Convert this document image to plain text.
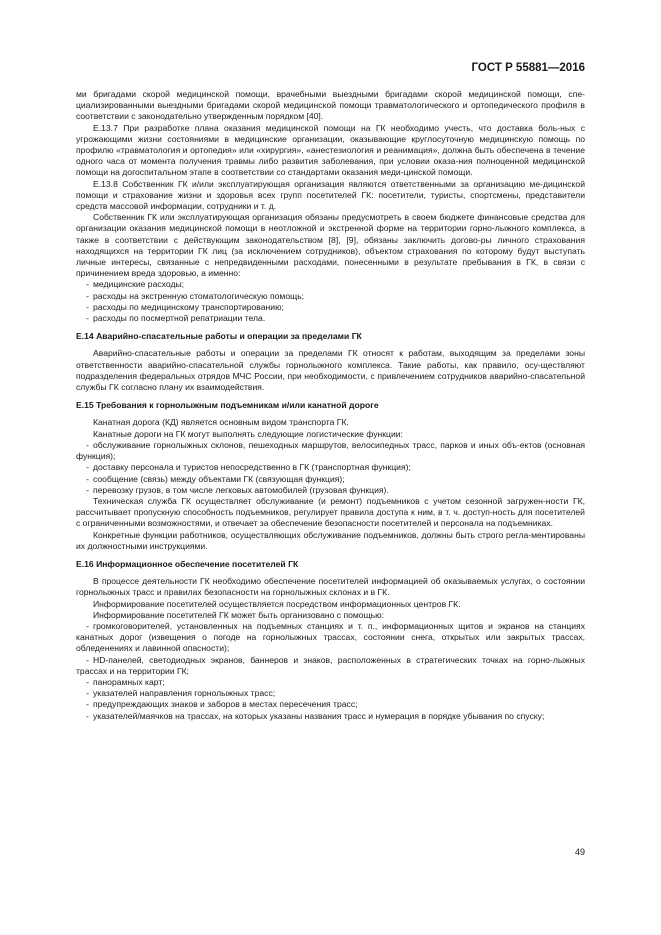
ГОСТ Р 55881—2016

ми бригадами скорой медицинской помощи, врачебными выездными бригадами скорой медицинской помощи, спе-циализированными выездными бригадами скорой медицинской помощи травматологического и ортопедического профиля в соответствии с законодательно утвержденным порядком [40].

Е.13.7 При разработке плана оказания медицинской помощи на ГК необходимо учесть, что доставка боль-ных с угрожающими жизни состояниями в медицинские организации, оказывающие круглосуточную медицинскую помощь по профилю «травматология и ортопедия» или «хирургия», «анестезиология и реанимация», должна быть обеспечена в течение одного часа от момента получения травмы либо развития заболевания, при условии оказа-ния полноценной медицинской помощи на догоспитальном этапе в соответствии со стандартами оказания меди-цинской помощи.

Е.13.8 Собственник ГК и/или эксплуатирующая организация являются ответственными за организацию ме-дицинской помощи и страхование жизни и здоровья всех групп посетителей ГК: посетители, туристы, спортсмены, представители средств массовой информации, сотрудники и т. д.

Собственник ГК или эксплуатирующая организация обязаны предусмотреть в своем бюджете финансовые средства для организации оказания медицинской помощи в неотложной и экстренной форме на территории горно-лыжного комплекса, а также в соответствии с действующим законодательством [8], [9], обязаны заключить догово-ры личного страхования находящихся на территории ГК лиц (за исключением сотрудников), объектом страхования по которому будут выступать личные интересы, связанные с непредвиденными расходами, понесенными в результате пребывания в ГК, в связи с причинением вреда здоровью, а именно:

- медицинские расходы;

- расходы на экстренную стоматологическую помощь;

- расходы по медицинскому транспортированию;

- расходы по посмертной репатриации тела.

Е.14 Аварийно-спасательные работы и операции за пределами ГК

Аварийно-спасательные работы и операции за пределами ГК относят к работам, выходящим за пределами зоны ответственности аварийно-спасательной службы горнолыжного комплекса. Такие работы, как правило, осу-ществляют подразделения федеральных отрядов МЧС России, при необходимости, с привлечением сотрудников аварийно-спасательной службы ГК согласно плану их взаимодействия.

Е.15 Требования к горнолыжным подъемникам и/или канатной дороге

Канатная дорога (КД) является основным видом транспорта ГК.

Канатные дороги на ГК могут выполнять следующие логистические функции:

- обслуживание горнолыжных склонов, пешеходных маршрутов, велосипедных трасс, парков и иных объ-ектов (основная функция);

- доставку персонала и туристов непосредственно в ГК (транспортная функция);

- сообщение (связь) между объектами ГК (связующая функция);

- перевозку грузов, в том числе легковых автомобилей (грузовая функция).

Техническая служба ГК осуществляет обслуживание (и ремонт) подъемников с учетом сезонной загружен-ности ГК, рассчитывает пропускную способность подъемников, регулирует правила доступа к ним, в т. ч. доступ-ность для посетителей с ограниченными возможностями, и отвечает за обеспечение безопасности посетителей и персонала на подъемниках.

Конкретные функции работников, осуществляющих обслуживание подъемников, должны быть строго регла-ментированы их должностными инструкциями.

Е.16 Информационное обеспечение посетителей ГК

В процессе деятельности ГК необходимо обеспечение посетителей информацией об оказываемых услугах, о состоянии горнолыжных трасс и правилах безопасности на горнолыжных склонах и в ГК.

Информирование посетителей осуществляется посредством информационных центров ГК.

Информирование посетителей ГК может быть организовано с помощью:

- громкоговорителей, установленных на подъемных станциях и т. п., информационных щитов и экранов на станциях канатных дорог (извещения о погоде на горнолыжных трассах, состоянии снега, открытых или закрытых трассах, обледенениях и лавинной опасности);

- HD-панелей, светодиодных экранов, баннеров и знаков, расположенных в стратегических точках на горно-лыжных трассах и на территории ГК;

- панорамных карт;

- указателей направления горнолыжных трасс;

- предупреждающих знаков и заборов в местах пересечения трасс;

- указателей/маячков на трассах, на которых указаны названия трасс и нумерация в порядке убывания по спуску;

49
